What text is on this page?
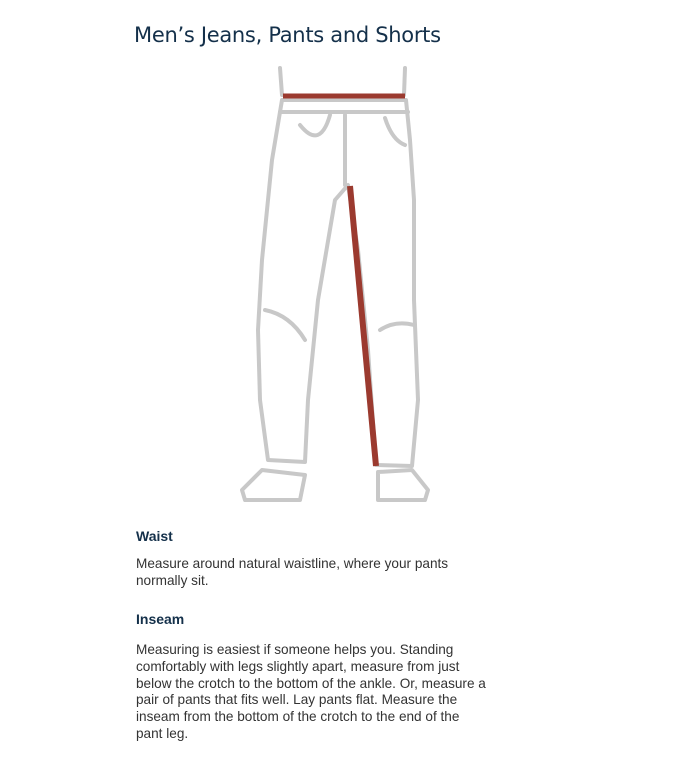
Men’s Jeans, Pants and Shorts
Waist
Measure around natural waistline, where your pants
normally sit.
Inseam
Measuring is easiest if someone helps you. Standing
comfortably with legs slightly apart, measure from just
below the crotch to the bottom of the ankle. Or, measure a
pair of pants that fits well. Lay pants flat. Measure the
inseam from the bottom of the crotch to the end of the
pant leg.
